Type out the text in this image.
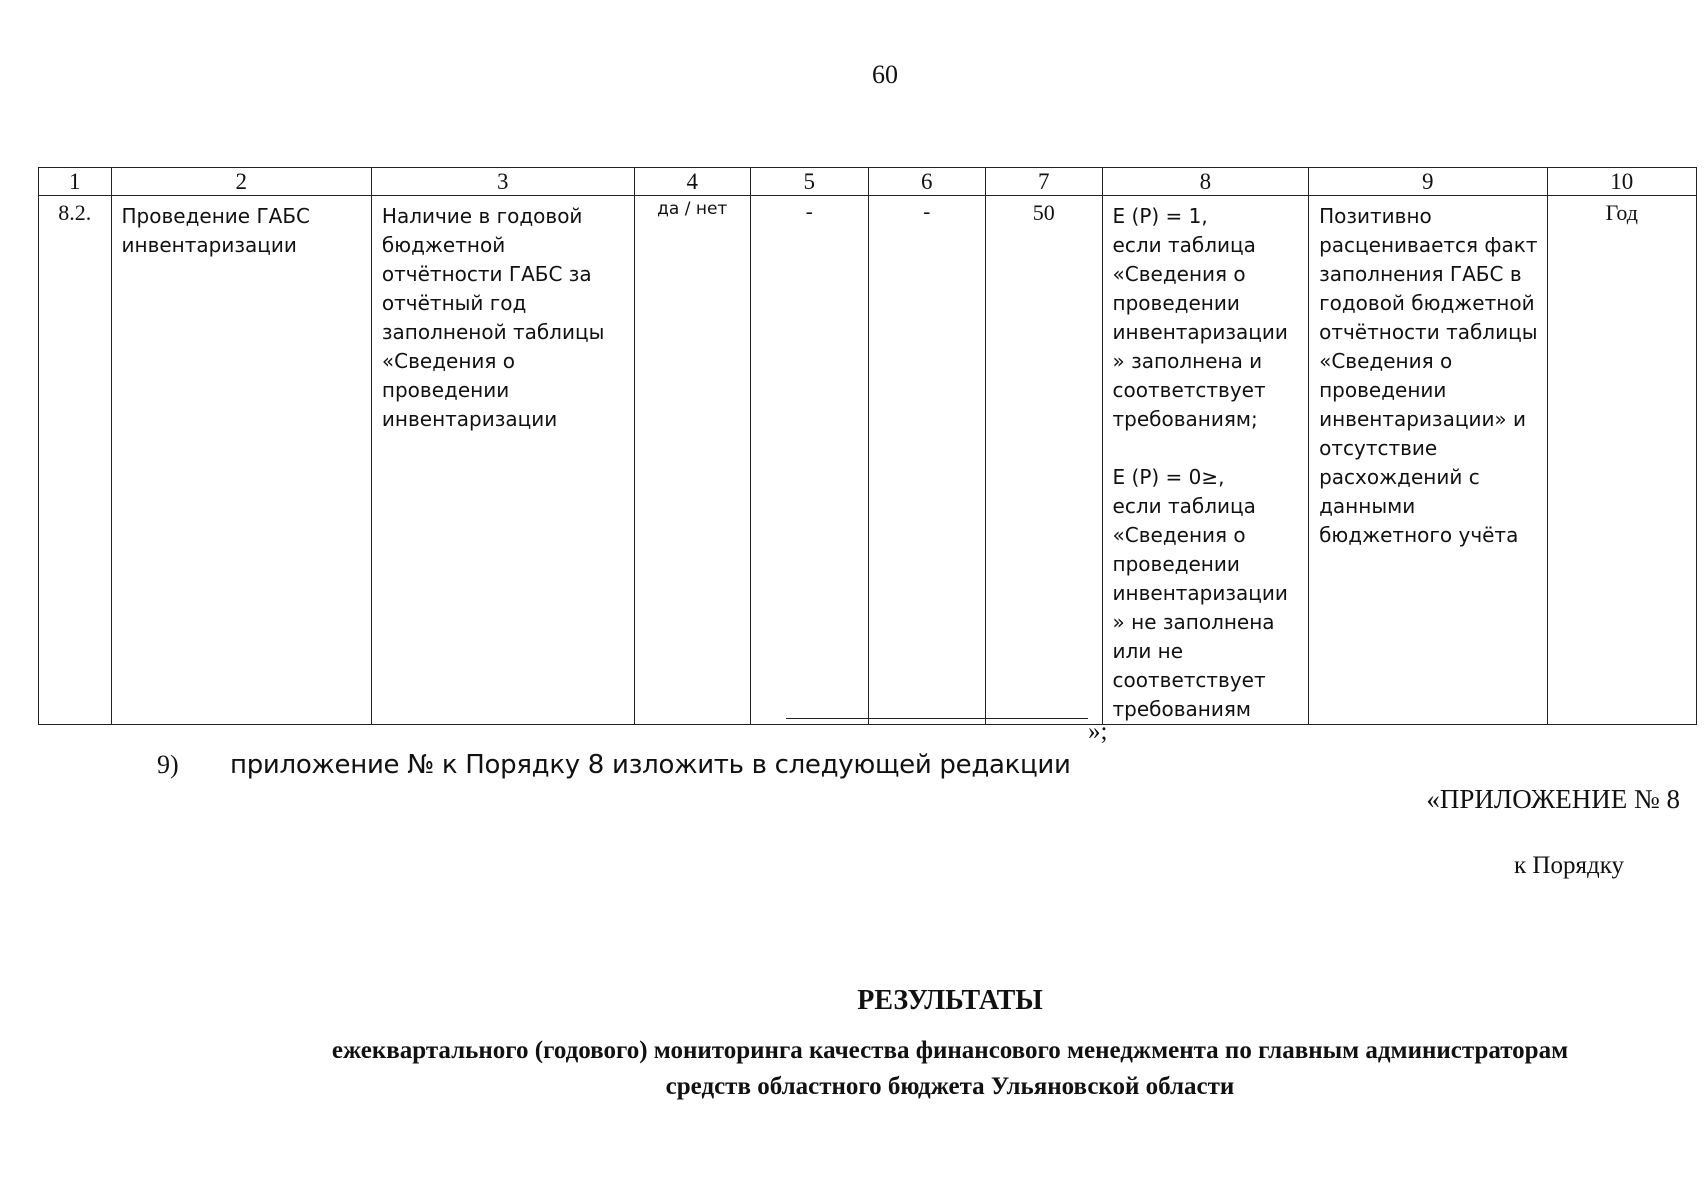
60
1	2	3	4	5	6	7	8	9	10
8.2.	Проведение ГАБС инвентаризации	Наличие в годовой бюджетной отчётности ГАБС за отчётный год заполненой таблицы «Сведения о проведении инвентаризации	да / нет	-	-	50	E (P) = 1,
если таблица «Сведения о проведении инвентаризации » заполнена и соответствует требованиям;

E (P) = 0≥,
если таблица «Сведения о проведении инвентаризации » не заполнена или не соответствует требованиям	Позитивно расценивается факт заполнения ГАБС в годовой бюджетной отчётности таблицы «Сведения о проведении инвентаризации» и отсутствие расхождений с данными бюджетного учёта	Год
»;
9) приложение № к Порядку 8 изложить в следующей редакции
«ПРИЛОЖЕНИЕ № 8
к Порядку
РЕЗУЛЬТАТЫ
ежеквартального (годового) мониторинга качества финансового менеджмента по главным администраторам
средств областного бюджета Ульяновской области
